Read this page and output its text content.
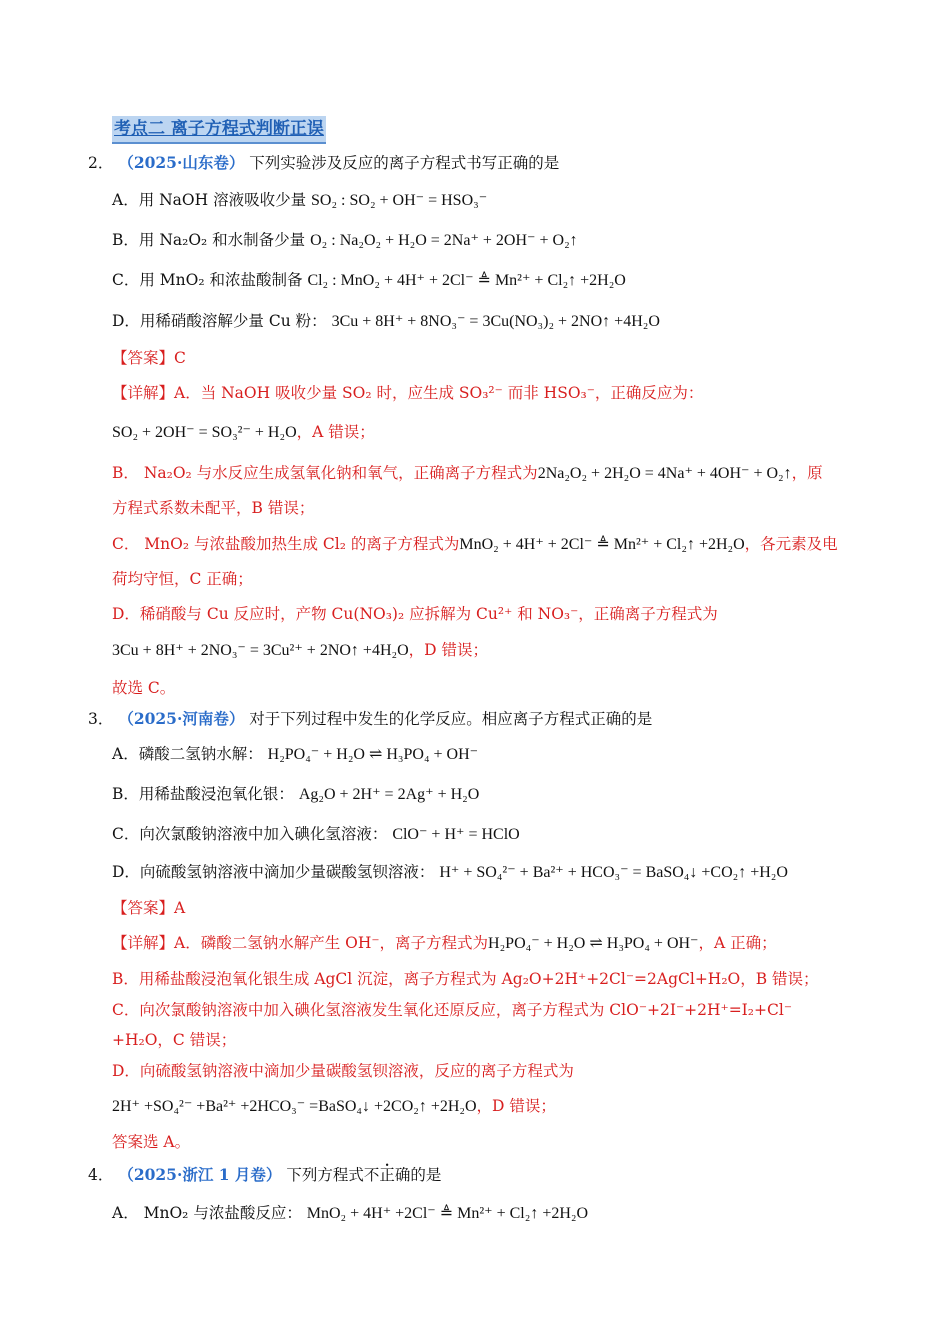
考点二 离子方程式判断正误
2． （2025·山东卷） 下列实验涉及反应的离子方程式书写正确的是
A．用 NaOH 溶液吸收少量 SO₂ : SO₂ + OH⁻ = HSO₃⁻
B．用 Na₂O₂ 和水制备少量 O₂ : Na₂O₂ + H₂O = 2Na⁺ + 2OH⁻ + O₂↑
C．用 MnO₂ 和浓盐酸制备 Cl₂ : MnO₂ + 4H⁺ + 2Cl⁻ ≜ Mn²⁺ + Cl₂↑ +2H₂O
D．用稀硝酸溶解少量 Cu 粉： 3Cu + 8H⁺ + 8NO₃⁻ = 3Cu(NO₃)₂ + 2NO↑ +4H₂O
【答案】C
【详解】A．当 NaOH 吸收少量 SO₂ 时，应生成 SO₃²⁻ 而非 HSO₃⁻，正确反应为：
SO₂ + 2OH⁻ = SO₃²⁻ + H₂O，A 错误；
B． Na₂O₂ 与水反应生成氢氧化钠和氧气，正确离子方程式为2Na₂O₂ + 2H₂O = 4Na⁺ + 4OH⁻ + O₂↑，原
方程式系数未配平，B 错误；
C． MnO₂ 与浓盐酸加热生成 Cl₂ 的离子方程式为MnO₂ + 4H⁺ + 2Cl⁻ ≜ Mn²⁺ + Cl₂↑ +2H₂O，各元素及电
荷均守恒，C 正确；
D．稀硝酸与 Cu 反应时，产物 Cu(NO₃)₂ 应拆解为 Cu²⁺ 和 NO₃⁻，正确离子方程式为
3Cu + 8H⁺ + 2NO₃⁻ = 3Cu²⁺ + 2NO↑ +4H₂O，D 错误；
故选 C。
3． （2025·河南卷） 对于下列过程中发生的化学反应。相应离子方程式正确的是
A．磷酸二氢钠水解： H₂PO₄⁻ + H₂O ⇌ H₃PO₄ + OH⁻
B．用稀盐酸浸泡氧化银： Ag₂O + 2H⁺ = 2Ag⁺ + H₂O
C．向次氯酸钠溶液中加入碘化氢溶液： ClO⁻ + H⁺ = HClO
D．向硫酸氢钠溶液中滴加少量碳酸氢钡溶液： H⁺ + SO₄²⁻ + Ba²⁺ + HCO₃⁻ = BaSO₄↓ +CO₂↑ +H₂O
【答案】A
【详解】A．磷酸二氢钠水解产生 OH⁻，离子方程式为H₂PO₄⁻ + H₂O ⇌ H₃PO₄ + OH⁻，A 正确；
B．用稀盐酸浸泡氧化银生成 AgCl 沉淀，离子方程式为 Ag₂O+2H⁺+2Cl⁻=2AgCl+H₂O，B 错误；
C．向次氯酸钠溶液中加入碘化氢溶液发生氧化还原反应，离子方程式为 ClO⁻+2I⁻+2H⁺=I₂+Cl⁻
+H₂O，C 错误；
D．向硫酸氢钠溶液中滴加少量碳酸氢钡溶液，反应的离子方程式为
2H⁺ +SO₄²⁻ +Ba²⁺ +2HCO₃⁻ =BaSO₄↓ +2CO₂↑ +2H₂O，D 错误；
答案选 A。
4． （2025·浙江 1 月卷） 下列方程式不正确的是
A． MnO₂ 与浓盐酸反应： MnO₂ + 4H⁺ +2Cl⁻ ≜ Mn²⁺ + Cl₂↑ +2H₂O
